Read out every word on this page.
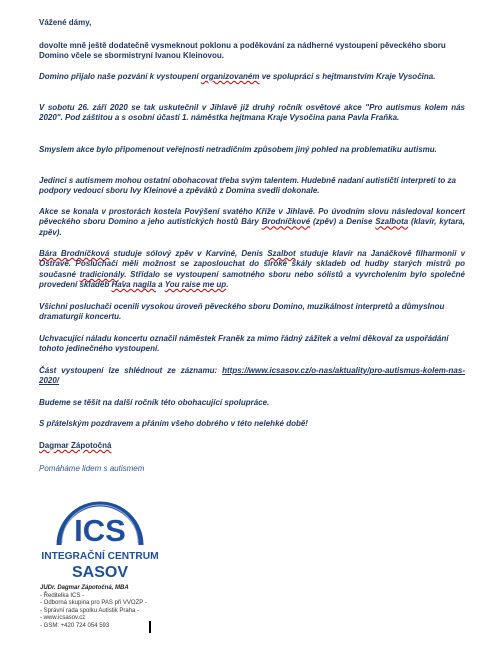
Vážené dámy,

dovolte mně ještě dodatečně vysmeknout poklonu a poděkování za nádherné vystoupení pěveckého sboru Domino včele se sbormistryní Ivanou Kleinovou.

Domino přijalo naše pozvání k vystoupení organizovaném ve spolupráci s hejtmanstvím Kraje Vysočina.

V sobotu 26. září 2020 se tak uskutečnil v Jihlavě již druhý ročník osvětové akce "Pro autismus kolem nás 2020". Pod záštitou a s osobní účastí 1. náměstka hejtmana Kraje Vysočina pana Pavla Fraňka.

Smyslem akce bylo připomenout veřejnosti netradičním způsobem jiný pohled na problematiku autismu.

Jedinci s autismem mohou ostatní obohacovat třeba svým talentem. Hudebně nadaní autističtí interpreti to za podpory vedoucí sboru Ivy Kleinové a zpěváků z Domina svedli dokonale.

Akce se konala v prostorách kostela Povýšení svatého Kříže v Jihlavě. Po úvodním slovu následoval koncert pěveckého sboru Domino a jeho autistických hostů Báry Brodníčkové (zpěv) a Denise Szalbota (klavír, kytara, zpěv).

Bára Brodníčková studuje sólový zpěv v Karviné, Denis Szalbot studuje klavír na Janáčkově filharmonii v Ostravě. Posluchači měli možnost se zaposlouchat do široké škály skladeb od hudby starých mistrů po současné tradicionály. Střídalo se vystoupení samotného sboru nebo sólistů a vyvrcholením bylo společné provedení skladeb Hava nagila a You raise me up.

Všichni posluchači ocenili vysokou úroveň pěveckého sboru Domino, muzikálnost interpretů a důmyslnou dramaturgii koncertu.

Uchvacující náladu koncertu označil náměstek Franěk za mimo řádný zážitek a velmi děkoval za uspořádání tohoto jedinečného vystoupení.

Část vystoupení lze shlédnout ze záznamu: https://www.icsasov.cz/o-nas/aktuality/pro-autismus-kolem-nas-2020/

Budeme se těšit na další ročník této obohacující spolupráce.

S přátelským pozdravem a přáním všeho dobrého v této nelehké době!

Dagmar Zápotočná

Pomáháme lidem s autismem

ICS
INTEGRAČNÍ CENTRUM
SASOV
JUDr. Dagmar Zápotočná, MBA
- Ředitelka ICS -
- Odborná skupina pro PAS při VVOZP -
- Správní rada spolku Autistik Praha -
- www.icsasov.cz
- GSM: +420 724 054 593
